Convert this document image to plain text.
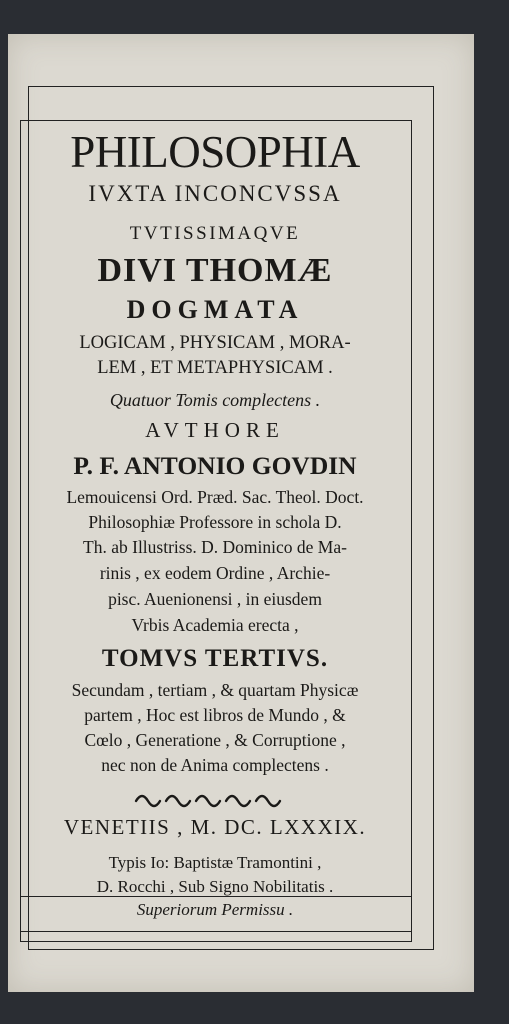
PHILOSOPHIA
IVXTA INCONCVSSA
TVTISSIMAQVE
DIVI THOMÆ
DOGMATA
LOGICAM , PHYSICAM , MORA-
LEM , ET METAPHYSICAM .
Quatuor Tomis complectens .
AVTHORE
P. F. ANTONIO GOVDIN
Lemouicensi Ord. Præd. Sac. Theol. Doct.
Philosophiæ Professore in schola D.
Th. ab Illustriss. D. Dominico de Ma-
rinis , ex eodem Ordine , Archie-
pisc. Auenionensi , in eiusdem
Vrbis Academia erecta ,
TOMVS TERTIVS.
Secundam , tertiam , & quartam Physicæ
partem , Hoc est libros de Mundo , &
Cœlo , Generatione , & Corruptione ,
nec non de Anima complectens .
VENETIIS , M. DC. LXXXIX.
Typis Io: Baptistæ Tramontini ,
D. Rocchi , Sub Signo Nobilitatis .
Superiorum Permissu .
